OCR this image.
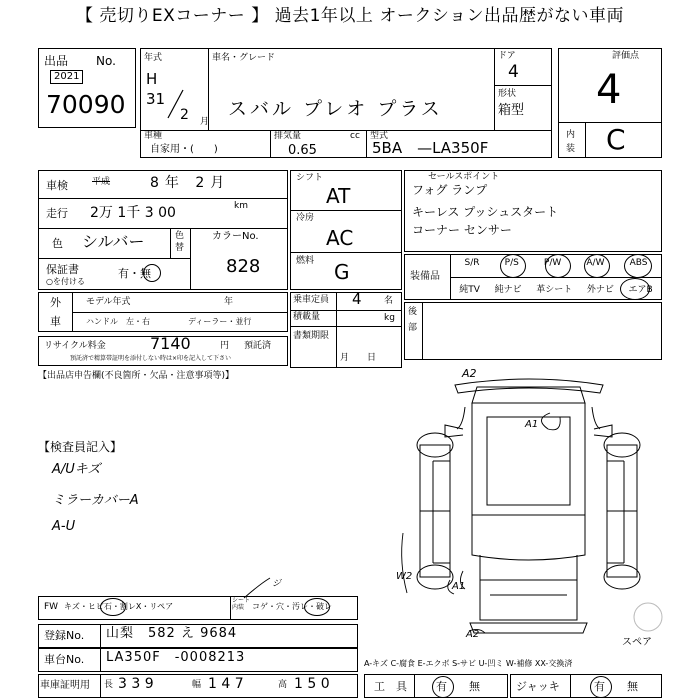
【 売切りEXコーナー 】 過去1年以上 オークション出品歴がない車両
出品 No.
2021
70090
年式
H
31
2 月
車名・グレード
スバル プレオ プラス
ドア
4
形状
箱型
車種
自家用・(　　)
排気量	cc
0.65
型式
5BA　—LA350F
評価点
4
内装 C
車検	平成	8年 2月
走行 2万 1千 3 00	km
色 シルバー	色
替
カラーNo.
828
保証書
○を付ける
有・無
シフト
AT
冷房
AC
燃料 G
セールスポイント
フォグ ランプ
キーレス プッシュスタート
コーナー センサー
装備品
S/R	P/S	P/W	A/W	ABS
純TV 純ナビ 革シート 外ナビ エアB
外
車
モデル年式	年
ハンドル　左・右	ディーラー・並行
乗車定員 4 名
積載量	kg
書類期限
月　　日
後
部
リサイクル料金	7140	円 預託済
預託済で精算帯証明を添付しない時は×印を記入して下さい
【出品店申告欄(不良箇所・欠品・注意事項等)】
【検査員記入】
A/Uキズ
ミラーカバーA
A-U
A2
A1
A1
A2
W2
スペア
FW キズ・ヒビ石・割レX・リペア
シート内装 コゲ・穴・汚レ・破レ
ジ
登録No. 山梨　582 え 9684
車台No. LA350F　-0008213
車庫証明用 長 3 3 9	幅 1 4 7	高 1 5 0
A-キズ C-腐食 E-エクボ S-サビ U-凹ミ W-補修 XX-交換済
工　具	有　　無	ジャッキ	有　　無
